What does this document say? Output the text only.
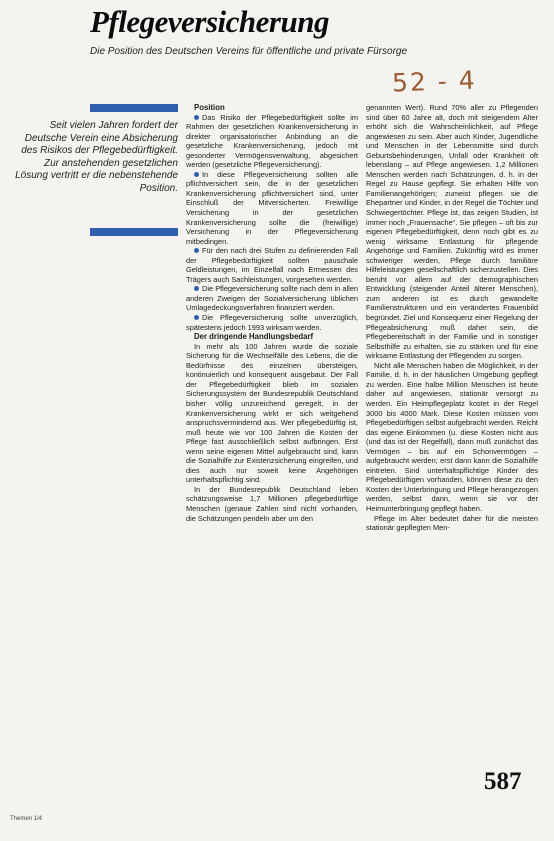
Pflegeversicherung

Die Position des Deutschen Vereins für öffentliche und private Fürsorge

52 - 4
Seit vielen Jahren fordert der Deutsche Verein eine Absicherung des Risikos der Pflegebedürftigkeit. Zur anstehenden gesetzlichen Lösung vertritt er die nebenstehende Position.

Position

Das Risiko der Pflegebedürftigkeit sollte im Rahmen der gesetzlichen Krankenversicherung in direkter organisatorischer Anbindung an die gesetzliche Krankenversicherung, jedoch mit gesonderter Vermögensverwaltung, abgesichert werden (gesetzliche Pflegeversicherung).

In diese Pflegeversicherung sollten alle pflichtversichert sein, die in der gesetzlichen Krankenversicherung pflichtversichert sind, unter Einschluß der Mitversicherten. Freiwillige Versicherung in der gesetzlichen Krankenversicherung sollte die (freiwillige) Versicherung in der Pflegeversicherung mitbedingen.

Für den nach drei Stufen zu definierenden Fall der Pflegebedürftigkeit sollten pauschale Geldleistungen, im Einzelfall nach Ermessen des Trägers auch Sachleistungen, vorgesehen werden.

Die Pflegeversicherung sollte nach dem in allen anderen Zweigen der Sozialversicherung üblichen Umlagedeckungsverfahren finanziert werden.

Die Pflegeversicherung sollte unverzüglich, spätestens jedoch 1993 wirksam werden.

Der dringende Handlungsbedarf

In mehr als 100 Jahren wurde die soziale Sicherung für die Wechselfälle des Lebens, die die Bedürfnisse des einzelnen übersteigen, kontinuierlich und konsequent ausgebaut. Der Fall der Pflegebedürftigkeit blieb im sozialen Sicherungssystem der Bundesrepublik Deutschland bisher völlig unzureichend geregelt, in der Krankenversicherung wirkt er sich weitgehend anspruchsvermindernd aus. Wer pflegebedürftig ist, muß heute wie vor 100 Jahren die Kosten der Pflege fast ausschließlich selbst aufbringen. Erst wenn seine eigenen Mittel aufgebraucht sind, kann die Sozialhilfe zur Existenzsicherung eingreifen, und dies auch nur soweit keine Angehörigen unterhaltspflichtig sind.

In der Bundesrepublik Deutschland leben schätzungsweise 1,7 Millionen pflegebedürftige Menschen (genaue Zahlen sind nicht vorhanden, die Schätzungen pendeln aber um den

genannten Wert). Rund 70% aller zu Pflegenden sind über 60 Jahre alt, doch mit steigendem Alter erhöht sich die Wahrscheinlichkeit, auf Pflege angewiesen zu sein. Aber auch Kinder, Jugendliche und Menschen in der Lebensmitte sind durch Geburtsbehinderungen, Unfall oder Krankheit oft lebenslang – auf Pflege angewiesen. 1,2 Millionen Menschen werden nach Schätzungen, d. h. in der Regel zu Hause gepflegt. Sie erhalten Hilfe von Familienangehörigen; zumeist pflegen sie die Ehepartner und Kinder, in der Regel die Töchter und Schwiegertöchter. Pflege ist, das zeigen Studien, ist immer noch „Frauensache“. Sie pflegen – oft bis zur eigenen Pflegebedürftigkeit, denn noch gibt es zu wenig wirksame Entlastung für pflegende Angehörige und Familien. Zukünftig wird es immer schwieriger werden, Pflege durch familiäre Hilfeleistungen gesellschaftlich sicherzustellen. Dies beruht vor allem auf der demographischen Entwicklung (steigender Anteil älterer Menschen), zum anderen ist es durch gewandelte Familienstrukturen und ein verändertes Frauenbild begründet. Ziel und Konsequenz einer Regelung der Pflegeabsicherung muß daher sein, die Pflegebereitschaft in der Familie und in sonstiger Selbsthilfe zu erhalten, sie zu stärken und für eine wirksame Entlastung der Pflegenden zu sorgen.

Nicht alle Menschen haben die Möglichkeit, in der Familie, d. h. in der häuslichen Umgebung gepflegt zu werden. Eine halbe Million Menschen ist heute daher auf angewiesen, stationär versorgt zu werden. Ein Heimpflegeplatz kostet in der Regel 3000 bis 4000 Mark. Diese Kosten müssen vom Pflegebedürftigen selbst aufgebracht werden. Reicht das eigene Einkommen (u. diese Kosten nicht aus (und das ist der Regelfall), dann muß zunächst das Vermögen – bis auf ein Schonvermögen – aufgebraucht werden; erst dann kann die Sozialhilfe eintreten. Sind unterhaltspflichtige Kinder des Pflegebedürftigen vorhanden, können diese zu den Kosten der Unterbringung und Pflege herangezogen werden, selbst dann, wenn sie vor der Heimunterbringung gepflegt haben.

Pflege im Alter bedeutet daher für die meisten stationär gepflegten Men-

Themen 1/4
587
